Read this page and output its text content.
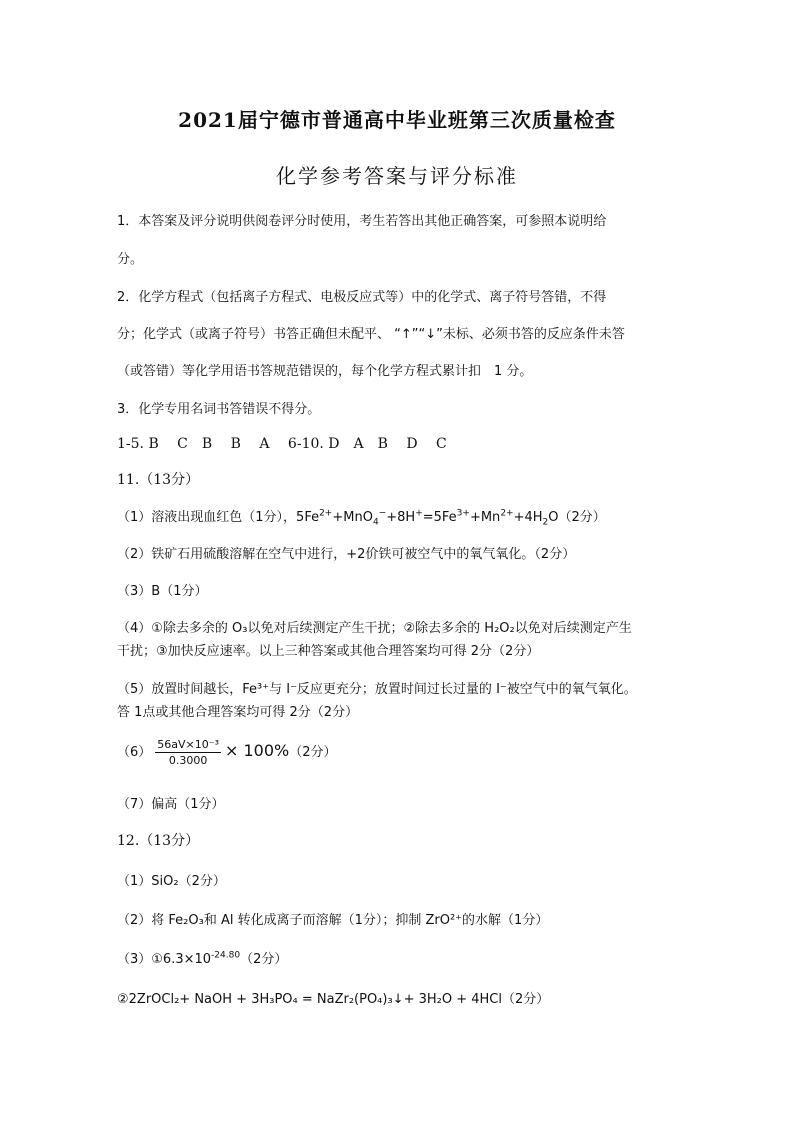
2021届宁德市普通高中毕业班第三次质量检查
化学参考答案与评分标准
1．本答案及评分说明供阅卷评分时使用，考生若答出其他正确答案，可参照本说明给
分。
2．化学方程式（包括离子方程式、电极反应式等）中的化学式、离子符号答错，不得
分；化学式（或离子符号）书答正确但未配平、 “↑”“↓”未标、必须书答的反应条件未答
（或答错）等化学用语书答规范错误的，每个化学方程式累计扣　1 分。
3．化学专用名词书答错误不得分。
1-5. B　 C　B　 B　 A　 6-10. D　A　B　 D　 C
11.（13分）
（1）溶液出现血红色（1分），$5Fe^{2+}+MnO_4^-+8H^+=5Fe^{3+}+Mn^{2+}+4H_2O(2$分）
（2）铁矿石用硫酸溶解在空气中进行，+2价铁可被空气中的氧气氧化。（2分）
（3）B（1分）
（4）①除去多余的 O₃以免对后续测定产生干扰；②除去多余的 H₂O₂以免对后续测定产生
干扰；③加快反应速率。以上三种答案或其他合理答案均可得 2分（2分）
（5）放置时间越长，Fe³⁺与 I⁻反应更充分；放置时间过长过量的 I⁻被空气中的氧气氧化。
答 1点或其他合理答案均可得 2分（2分）
$(6) \frac{\text{56aV×10⁻³}}{0.3000} \times 100\%(2$分）
（7）偏高（1分）
12.（13分）
（1）SiO₂（2分）
（2）将 Fe₂O₃和 Al 转化成离子而溶解（1分）；抑制 ZrO²⁺的水解（1分）
$(3)①6.3\times 10^{-24.80}(2$分）
②2ZrOCl₂+ NaOH + 3H₃PO₄ = NaZr₂(PO₄)₃↓+ 3H₂O + 4HCl（2分）
